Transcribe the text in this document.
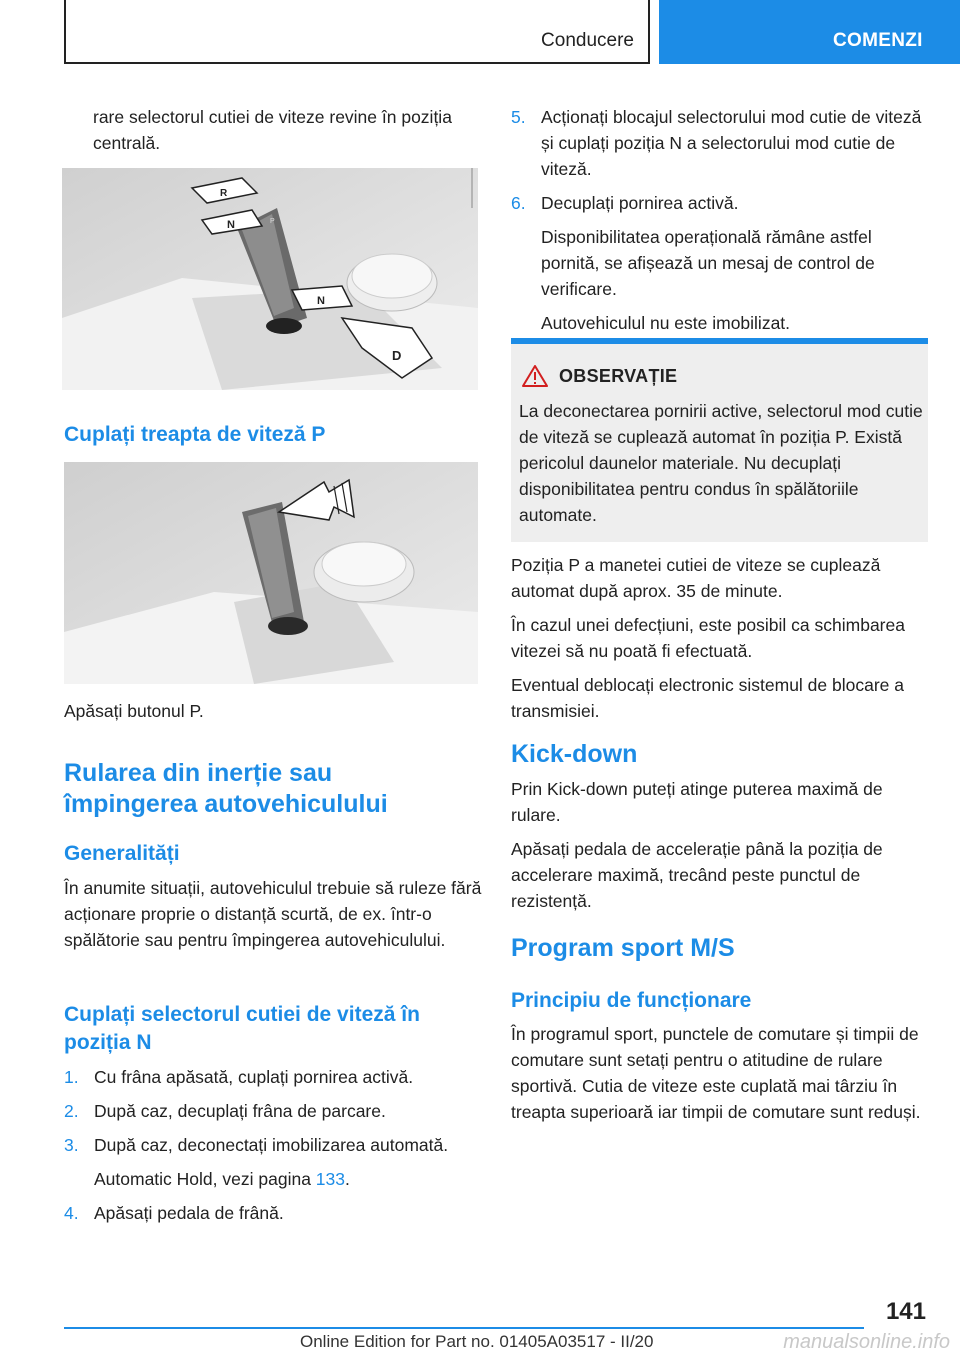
Conducere	COMENZI

rare selectorul cutiei de viteze revine în poziția centrală.

R
N
N
D
P
Cuplați treapta de viteză P

Apăsați butonul P.

Rularea din inerție sau împingerea autovehiculului
Generalități

În anumite situații, autovehiculul trebuie să ruleze fără acționare proprie o distanță scurtă, de ex. într-o spălătorie sau pentru împingerea autovehiculului.

Cuplați selectorul cutiei de viteză în poziția N
1. Cu frâna apăsată, cuplați pornirea activă.
2. După caz, decuplați frâna de parcare.
3. După caz, deconectați imobilizarea automată.
Automatic Hold, vezi pagina 133.
4. Apăsați pedala de frână.
5. Acționați blocajul selectorului mod cutie de viteză și cuplați poziția N a selectorului mod cutie de viteză.
6. Decuplați pornirea activă.
Disponibilitatea operațională rămâne astfel pornită, se afișează un mesaj de control de verificare.
Autovehiculul nu este imobilizat.
OBSERVAȚIE
La deconectarea pornirii active, selectorul mod cutie de viteză se cuplează automat în poziția P. Există pericolul daunelor materiale. Nu decuplați disponibilitatea pentru condus în spălătoriile automate.

Poziția P a manetei cutiei de viteze se cuplează automat după aprox. 35 de minute.

În cazul unei defecțiuni, este posibil ca schimbarea vitezei să nu poată fi efectuată.

Eventual deblocați electronic sistemul de blocare a transmisiei.

Kick-down

Prin Kick-down puteți atinge puterea maximă de rulare.

Apăsați pedala de accelerație până la poziția de accelerare maximă, trecând peste punctul de rezistență.

Program sport M/S
Principiu de funcționare

În programul sport, punctele de comutare și timpii de comutare sunt setați pentru o atitudine de rulare sportivă. Cutia de viteze este cuplată mai târziu în treapta superioară iar timpii de comutare sunt reduși.

141
Online Edition for Part no. 01405A03517 - II/20	manualsonline.info
